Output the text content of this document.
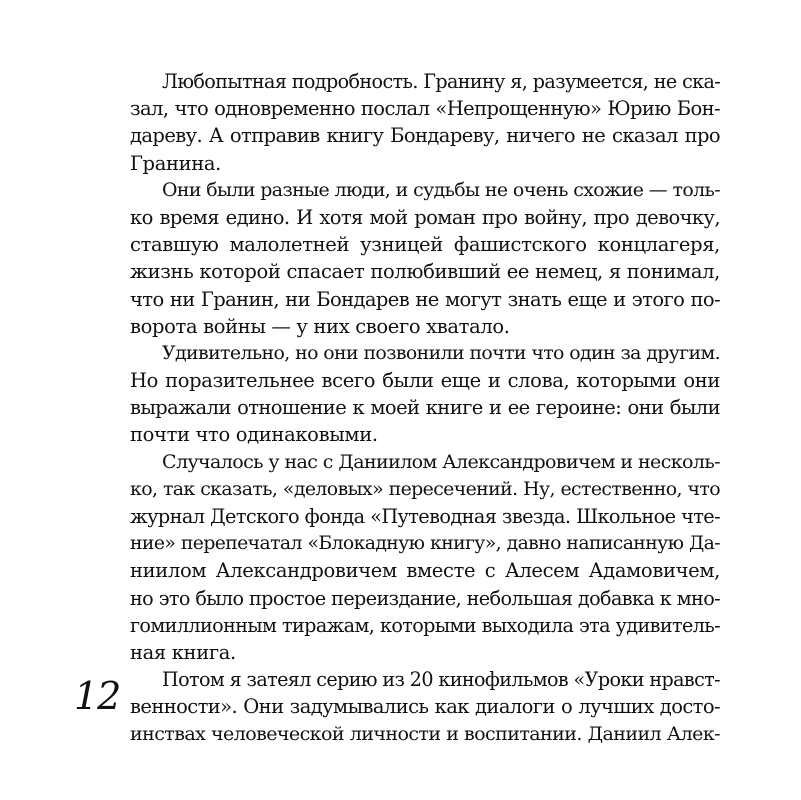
Любопытная подробность. Гранину я, разумеется, не ска-
зал, что одновременно послал «Непрощенную» Юрию Бон-
дареву. А отправив книгу Бондареву, ничего не сказал про
Гранина.
Они были разные люди, и судьбы не очень схожие — толь-
ко время едино. И хотя мой роман про войну, про девочку,
ставшую малолетней узницей фашистского концлагеря,
жизнь которой спасает полюбивший ее немец, я понимал,
что ни Гранин, ни Бондарев не могут знать еще и этого по-
ворота войны — у них своего хватало.
Удивительно, но они позвонили почти что один за другим.
Но поразительнее всего были еще и слова, которыми они
выражали отношение к моей книге и ее героине: они были
почти что одинаковыми.
Случалось у нас с Даниилом Александровичем и несколь-
ко, так сказать, «деловых» пересечений. Ну, естественно, что
журнал Детского фонда «Путеводная звезда. Школьное чте-
ние» перепечатал «Блокадную книгу», давно написанную Да-
ниилом Александровичем вместе с Алесем Адамовичем,
но это было простое переиздание, небольшая добавка к мно-
гомиллионным тиражам, которыми выходила эта удивитель-
ная книга.
Потом я затеял серию из 20 кинофильмов «Уроки нравст-
венности». Они задумывались как диалоги о лучших досто-
инствах человеческой личности и воспитании. Даниил Алек-
12
